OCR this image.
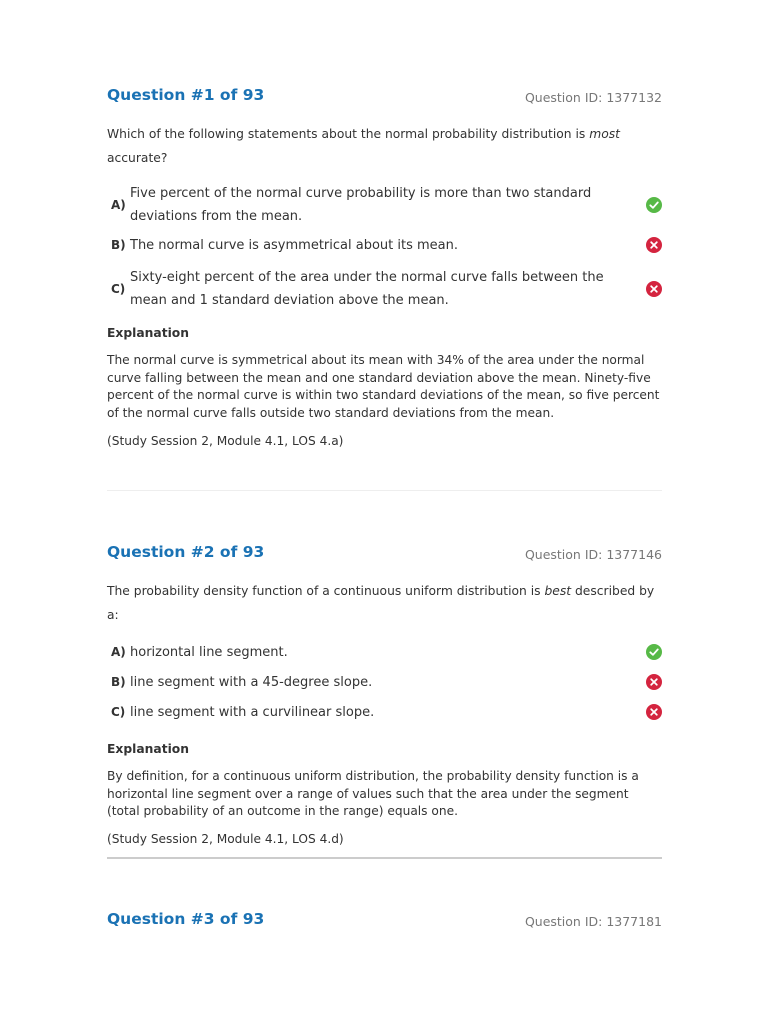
Question #1 of 93	Question ID: 1377132

Which of the following statements about the normal probability distribution is most accurate?

A)
Five percent of the normal curve probability is more than two standard deviations from the mean.
B) The normal curve is asymmetrical about its mean.
C)
Sixty-eight percent of the area under the normal curve falls between the mean and 1 standard deviation above the mean.

Explanation

The normal curve is symmetrical about its mean with 34% of the area under the normal curve falling between the mean and one standard deviation above the mean. Ninety-five percent of the normal curve is within two standard deviations of the mean, so five percent of the normal curve falls outside two standard deviations from the mean.

(Study Session 2, Module 4.1, LOS 4.a)

Question #2 of 93	Question ID: 1377146

The probability density function of a continuous uniform distribution is best described by a:

A) horizontal line segment.
B) line segment with a 45-degree slope.
C) line segment with a curvilinear slope.

Explanation

By definition, for a continuous uniform distribution, the probability density function is a horizontal line segment over a range of values such that the area under the segment (total probability of an outcome in the range) equals one.

(Study Session 2, Module 4.1, LOS 4.d)

Question #3 of 93	Question ID: 1377181
